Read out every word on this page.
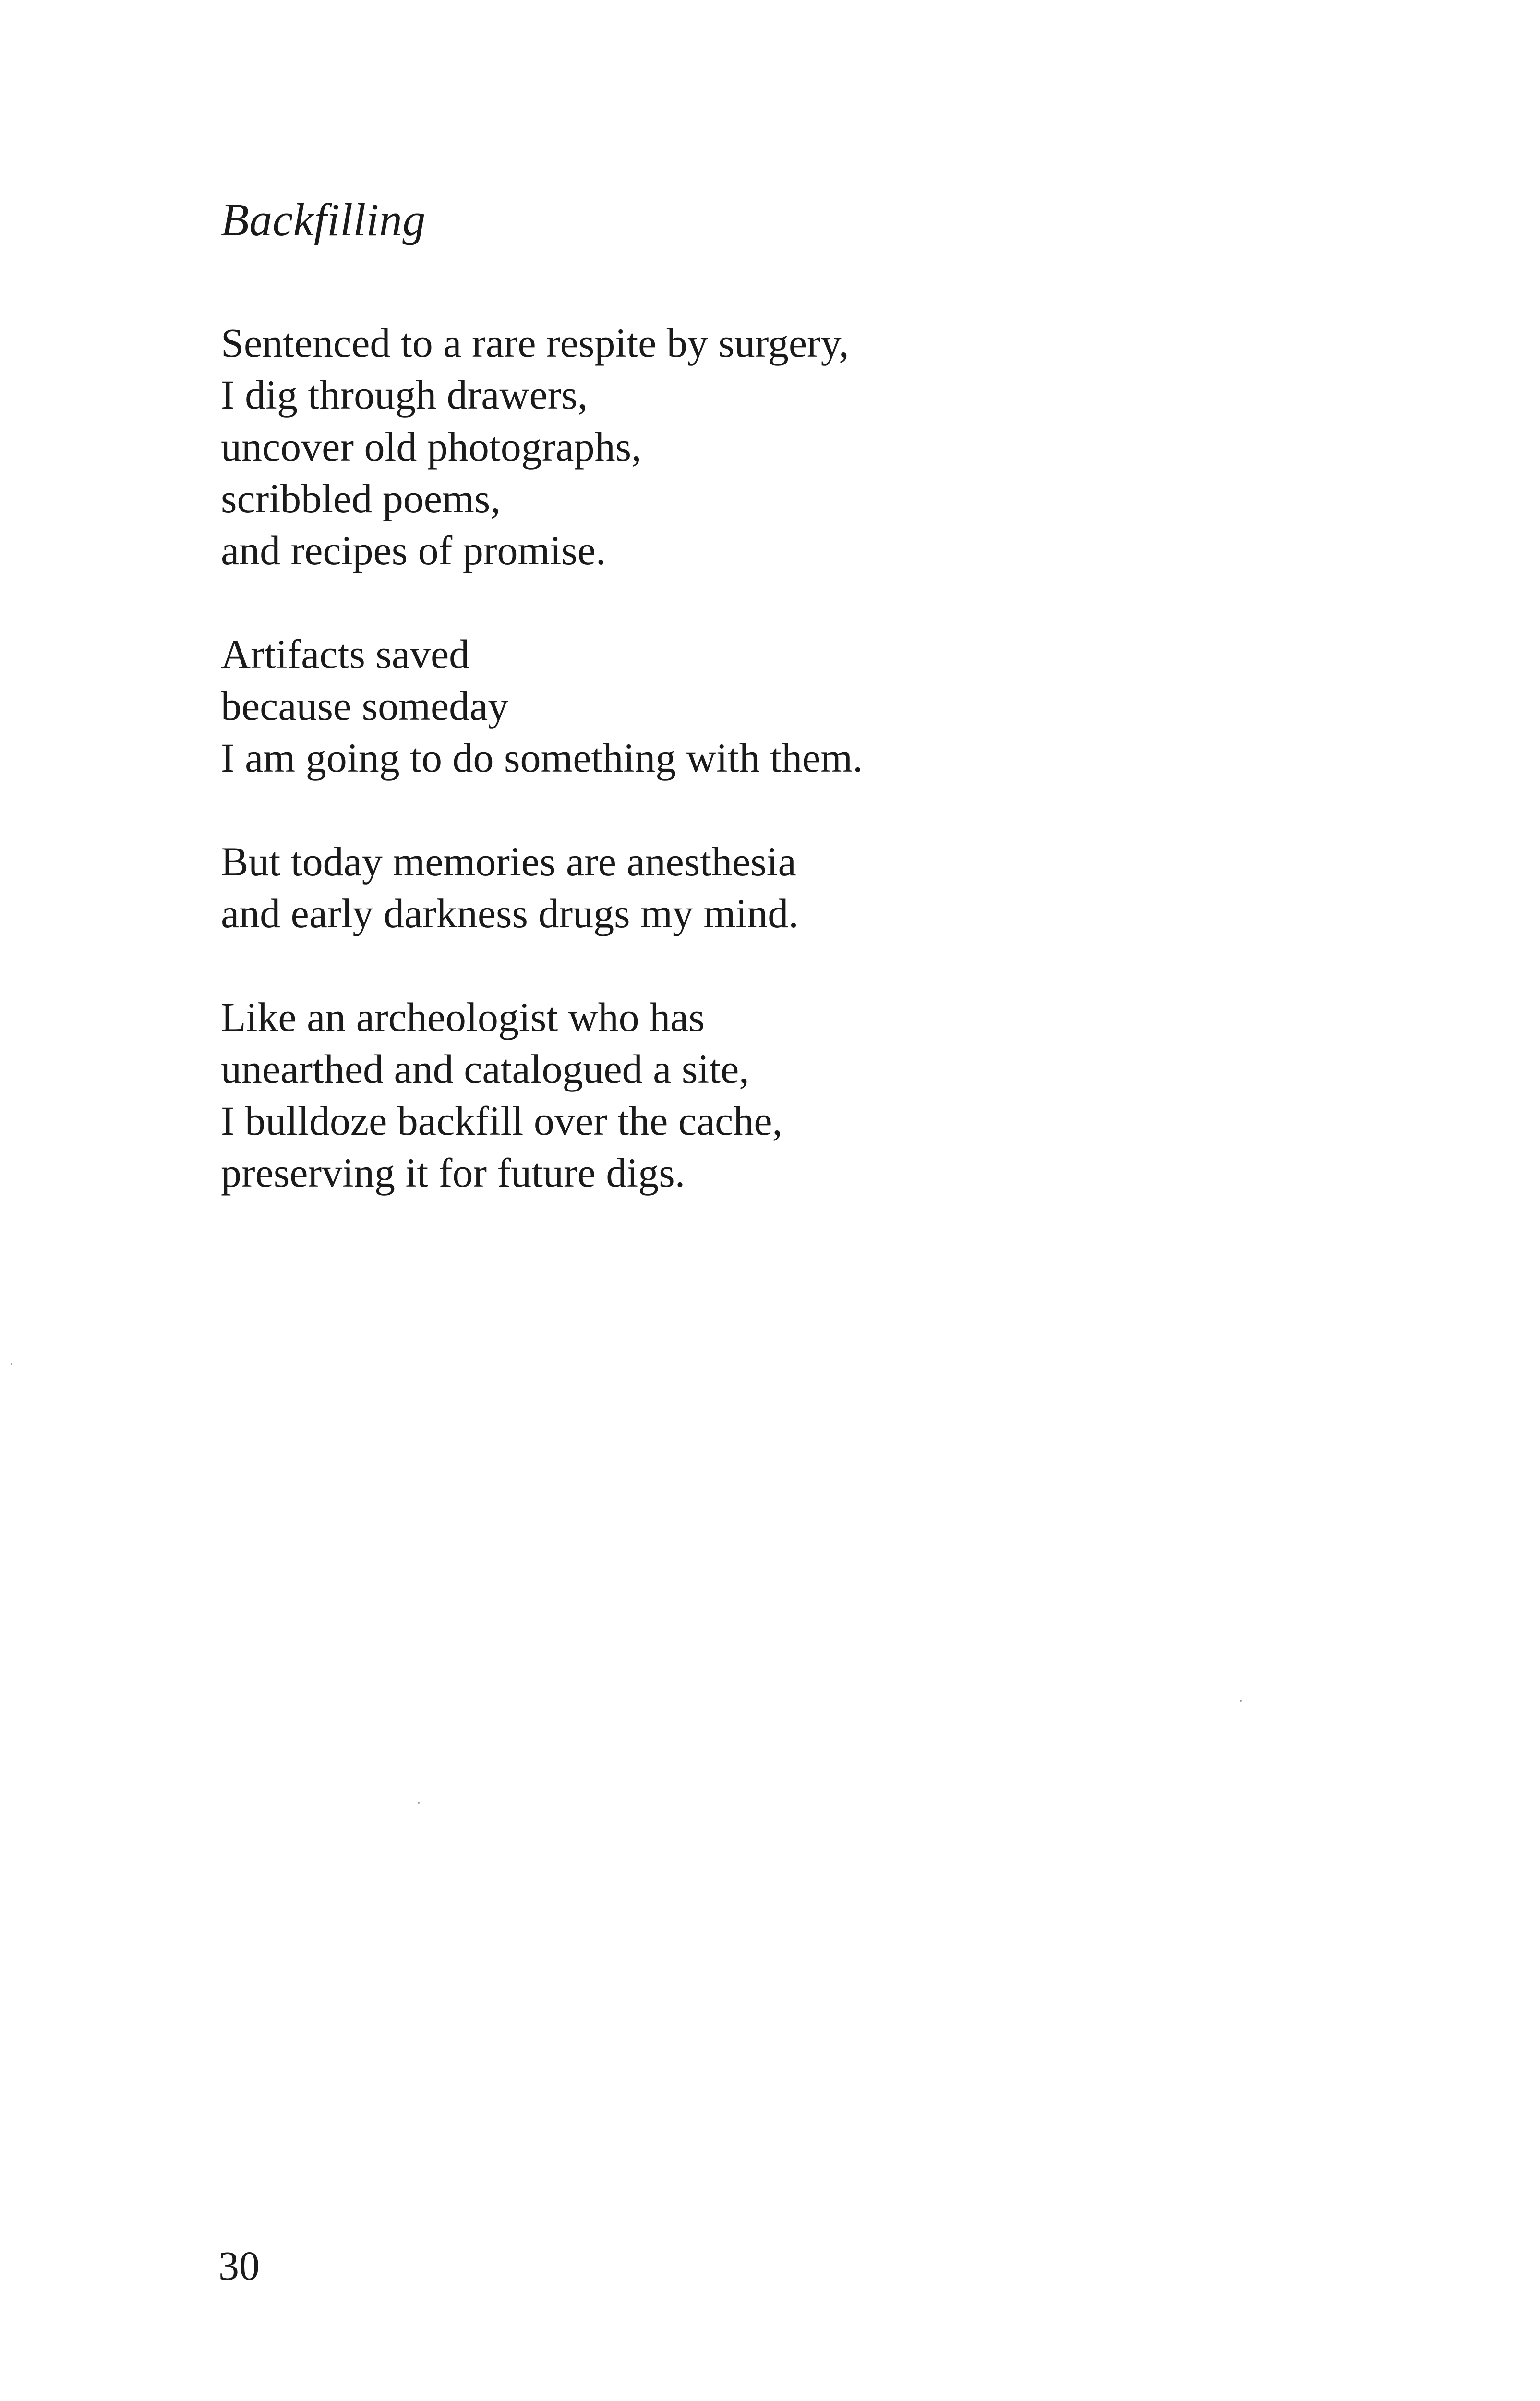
Backfilling
Sentenced to a rare respite by surgery,
I dig through drawers,
uncover old photographs,
scribbled poems,
and recipes of promise.
Artifacts saved
because someday
I am going to do something with them.
But today memories are anesthesia
and early darkness drugs my mind.
Like an archeologist who has
unearthed and catalogued a site,
I bulldoze backfill over the cache,
preserving it for future digs.
30
